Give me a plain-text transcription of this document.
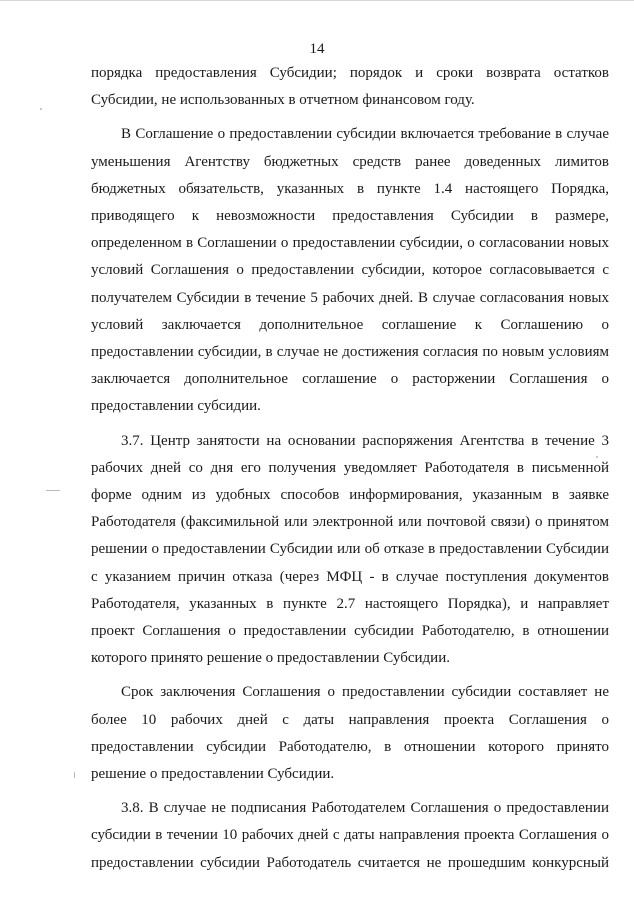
14

порядка предоставления Субсидии; порядок и сроки возврата остатков Субсидии, не использованных в отчетном финансовом году.

В Соглашение о предоставлении субсидии включается требование в случае уменьшения Агентству бюджетных средств ранее доведенных лимитов бюджетных обязательств, указанных в пункте 1.4 настоящего Порядка, приводящего к невозможности предоставления Субсидии в размере, определенном в Соглашении о предоставлении субсидии, о согласовании новых условий Соглашения о предоставлении субсидии, которое согласовывается с получателем Субсидии в течение 5 рабочих дней. В случае согласования новых условий заключается дополнительное соглашение к Соглашению о предоставлении субсидии, в случае не достижения согласия по новым условиям заключается дополнительное соглашение о расторжении Соглашения о предоставлении субсидии.

3.7. Центр занятости на основании распоряжения Агентства в течение 3 рабочих дней со дня его получения уведомляет Работодателя в письменной форме одним из удобных способов информирования, указанным в заявке Работодателя (факсимильной или электронной или почтовой связи) о принятом решении о предоставлении Субсидии или об отказе в предоставлении Субсидии с указанием причин отказа (через МФЦ - в случае поступления документов Работодателя, указанных в пункте 2.7 настоящего Порядка), и направляет проект Соглашения о предоставлении субсидии Работодателю, в отношении которого принято решение о предоставлении Субсидии.

Срок заключения Соглашения о предоставлении субсидии составляет не более 10 рабочих дней с даты направления проекта Соглашения о предоставлении субсидии Работодателю, в отношении которого принято решение о предоставлении Субсидии.

3.8. В случае не подписания Работодателем Соглашения о предоставлении субсидии в течении 10 рабочих дней с даты направления проекта Соглашения о предоставлении субсидии Работодатель считается не прошедшим конкурсный
